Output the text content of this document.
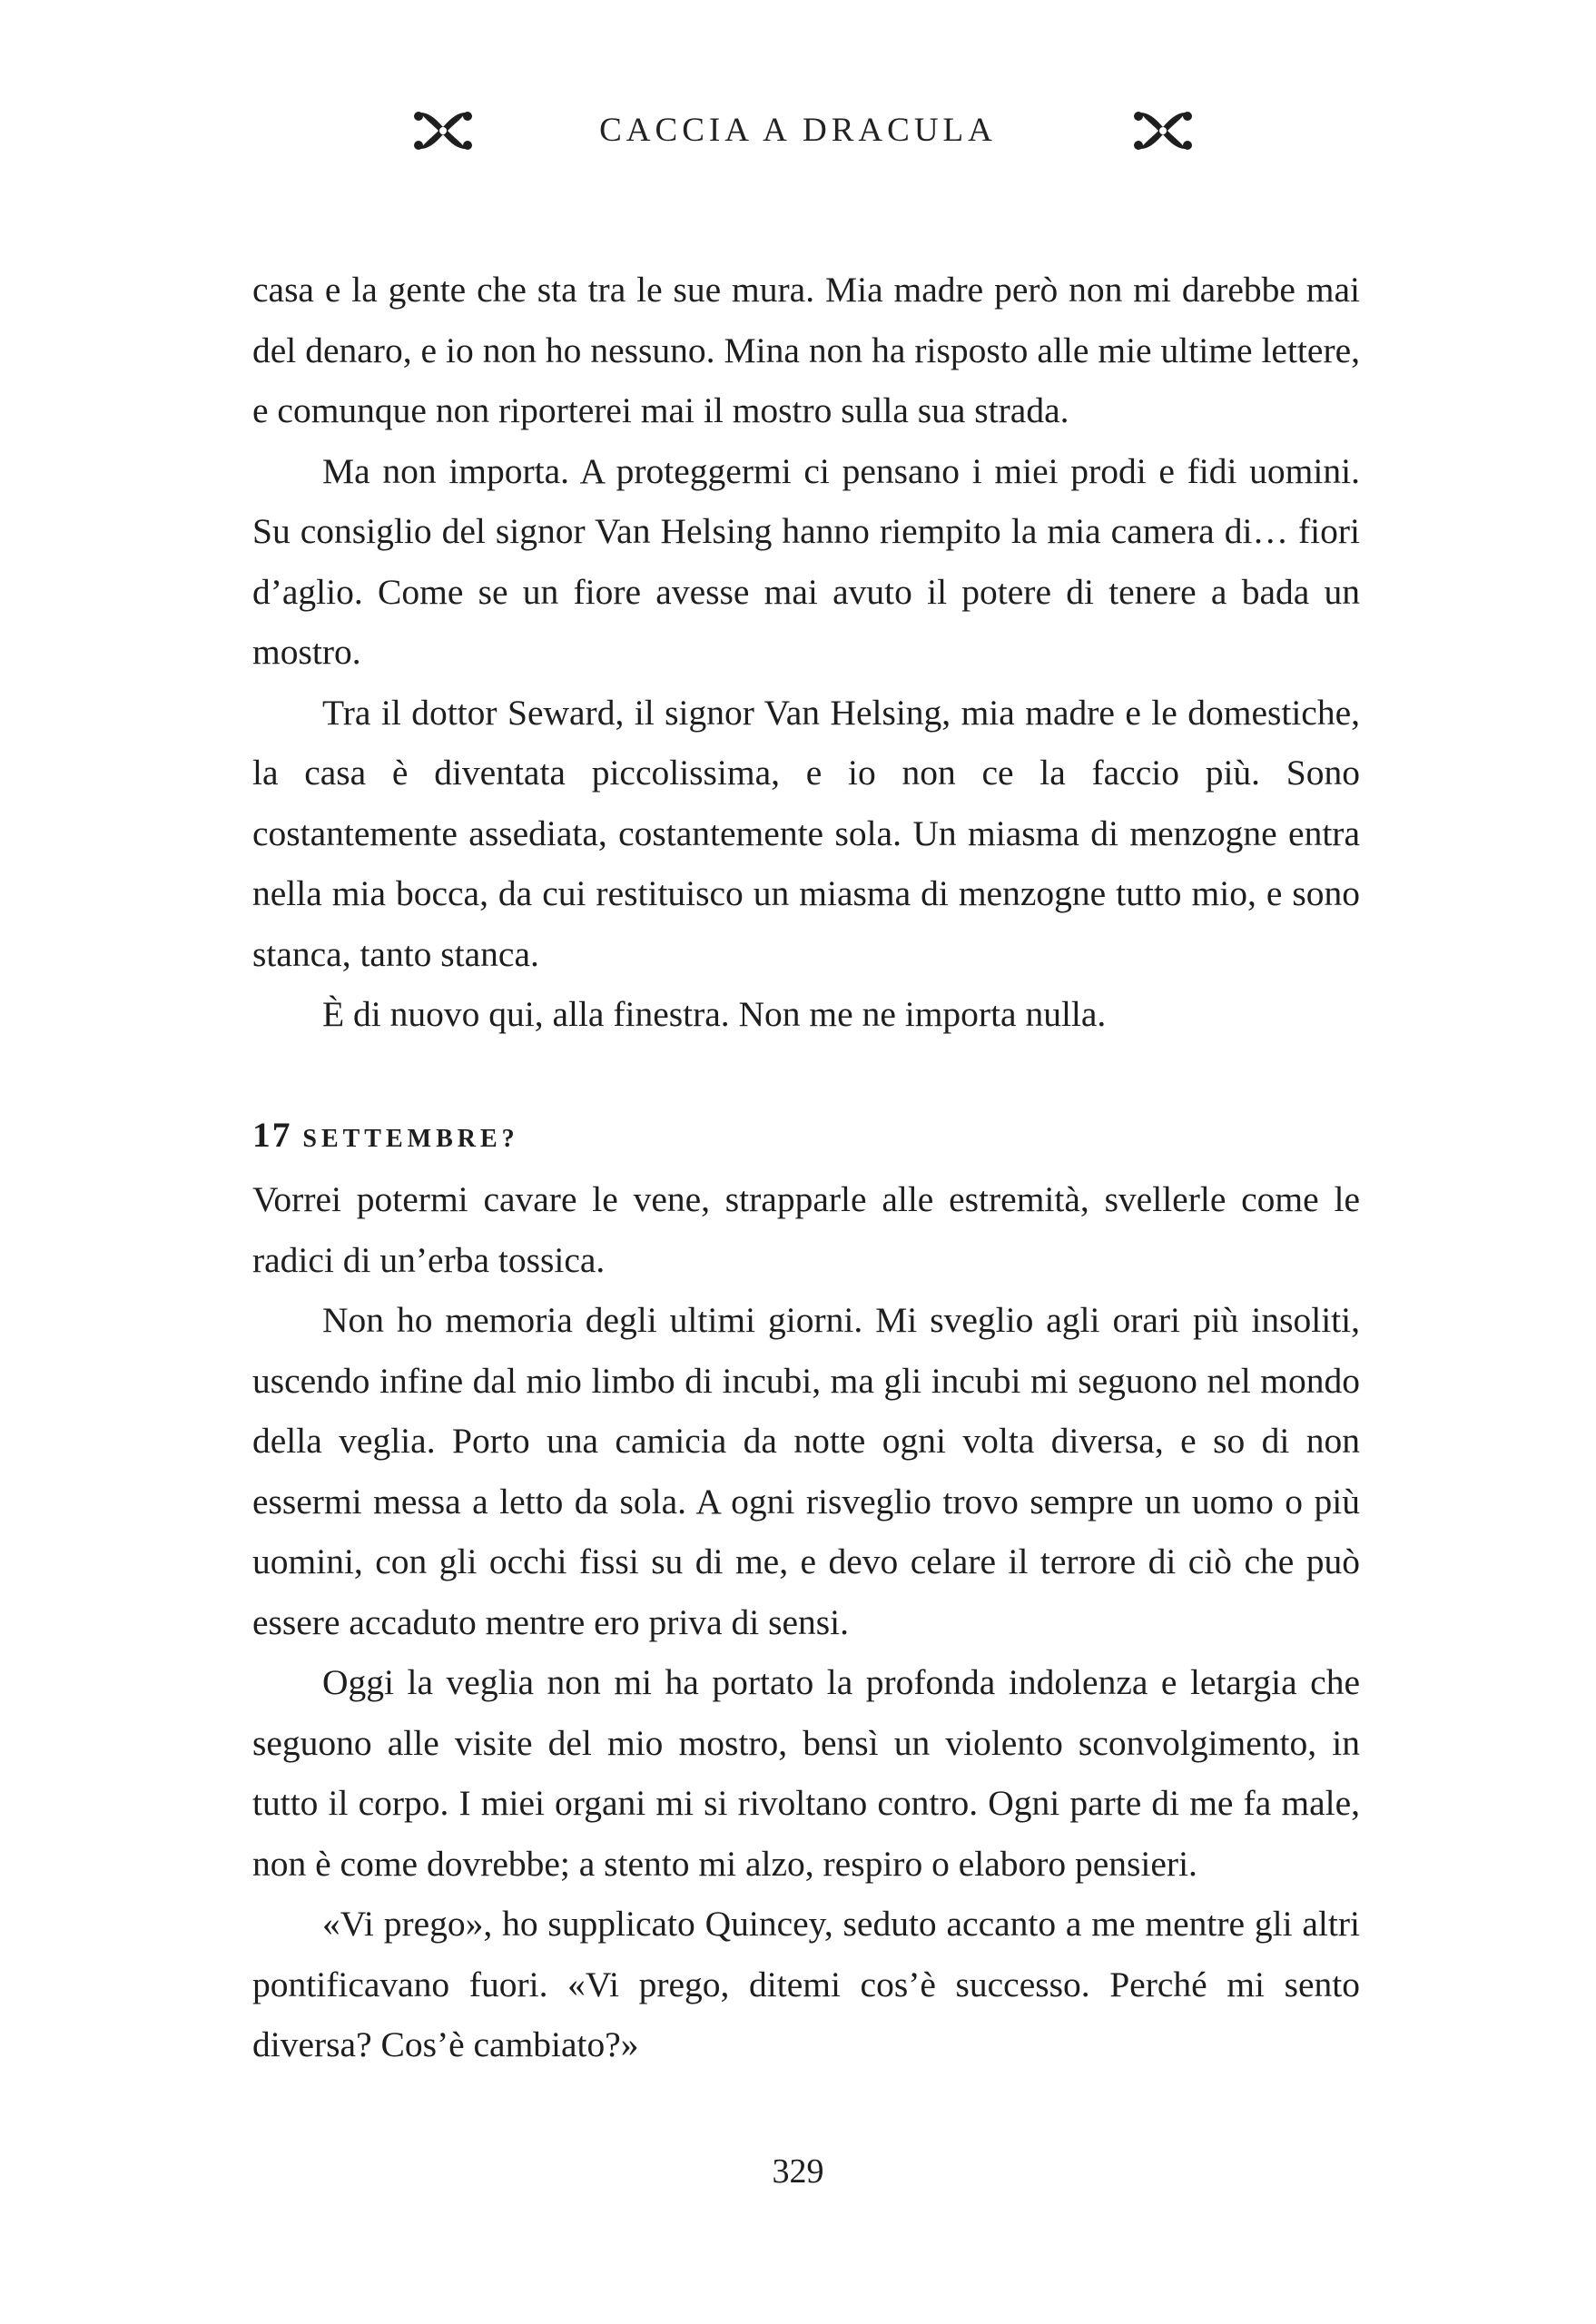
CACCIA A DRACULA

casa e la gente che sta tra le sue mura. Mia madre però non mi darebbe mai del denaro, e io non ho nessuno. Mina non ha risposto alle mie ultime lettere, e comunque non riporterei mai il mostro sulla sua strada.

Ma non importa. A proteggermi ci pensano i miei prodi e fidi uomini. Su consiglio del signor Van Helsing hanno riempito la mia camera di… fiori d’aglio. Come se un fiore avesse mai avuto il potere di tenere a bada un mostro.

Tra il dottor Seward, il signor Van Helsing, mia madre e le domestiche, la casa è diventata piccolissima, e io non ce la faccio più. Sono costantemente assediata, costantemente sola. Un miasma di menzogne entra nella mia bocca, da cui restituisco un miasma di menzogne tutto mio, e sono stanca, tanto stanca.

È di nuovo qui, alla finestra. Non me ne importa nulla.

17 SETTEMBRE?

Vorrei potermi cavare le vene, strapparle alle estremità, svellerle come le radici di un’erba tossica.

Non ho memoria degli ultimi giorni. Mi sveglio agli orari più insoliti, uscendo infine dal mio limbo di incubi, ma gli incubi mi seguono nel mondo della veglia. Porto una camicia da notte ogni volta diversa, e so di non essermi messa a letto da sola. A ogni risveglio trovo sempre un uomo o più uomini, con gli occhi fissi su di me, e devo celare il terrore di ciò che può essere accaduto mentre ero priva di sensi.

Oggi la veglia non mi ha portato la profonda indolenza e letargia che seguono alle visite del mio mostro, bensì un violento sconvolgimento, in tutto il corpo. I miei organi mi si rivoltano contro. Ogni parte di me fa male, non è come dovrebbe; a stento mi alzo, respiro o elaboro pensieri.

«Vi prego», ho supplicato Quincey, seduto accanto a me mentre gli altri pontificavano fuori. «Vi prego, ditemi cos’è successo. Perché mi sento diversa? Cos’è cambiato?»

329
